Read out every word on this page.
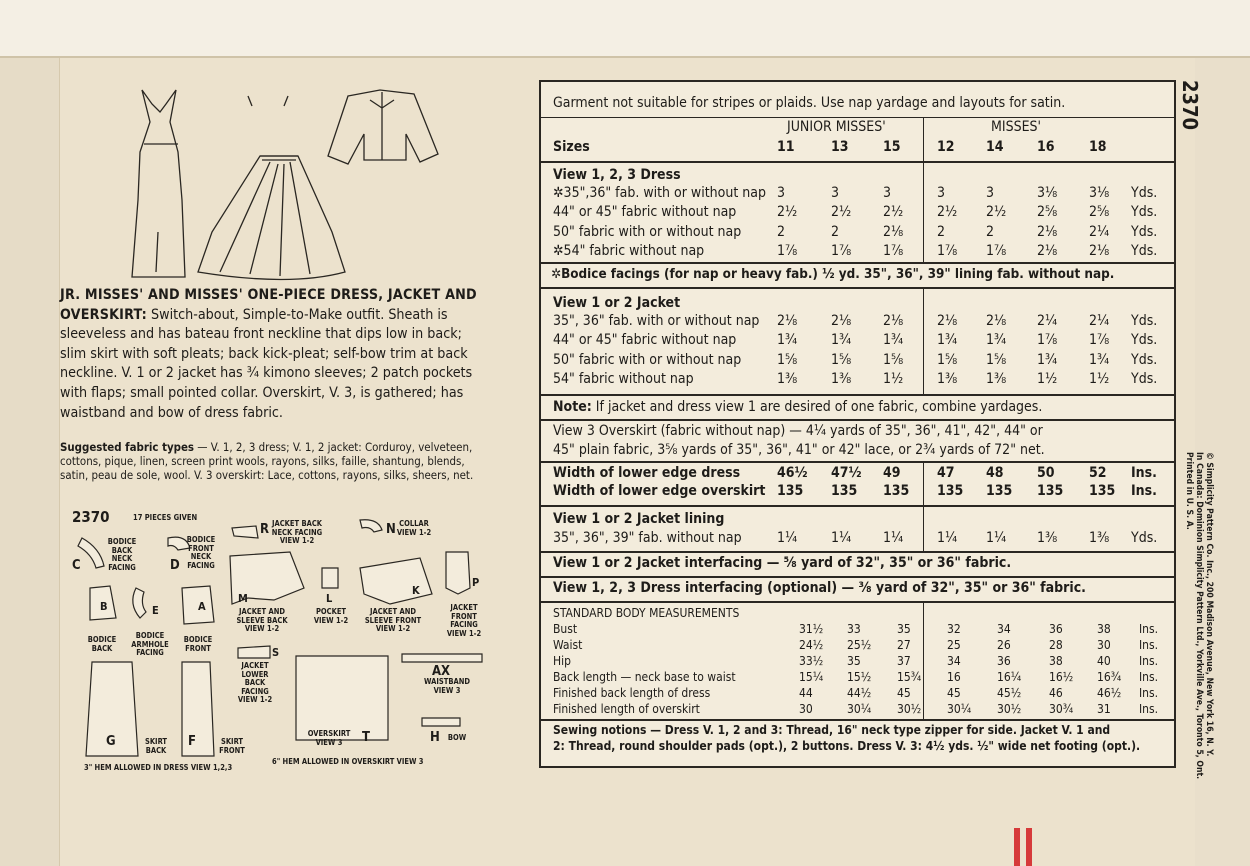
JR. MISSES' AND MISSES' ONE-PIECE DRESS, JACKET AND OVERSKIRT: Switch-about, Simple-to-Make outfit. Sheath is sleeveless and has bateau front neckline that dips low in back; slim skirt with soft pleats; back kick-pleat; self-bow trim at back neckline. V. 1 or 2 jacket has ¾ kimono sleeves; 2 patch pockets with flaps; small pointed collar. Overskirt, V. 3, is gathered; has waistband and bow of dress fabric.
Suggested fabric types — V. 1, 2, 3 dress; V. 1, 2 jacket: Corduroy, velveteen, cottons, pique, linen, screen print wools, rayons, silks, faille, shantung, blends, satin, peau de sole, wool. V. 3 overskirt: Lace, cottons, rayons, silks, sheers, net.
2370	17 PIECES GIVEN
C
BODICE BACK NECK FACING	D
BODICE FRONT NECK FACING
R JACKET BACK NECK FACING VIEW 1-2
N COLLAR VIEW 1-2
B
BODICE BACK
E
BODICE ARMHOLE FACING
A
BODICE FRONT
M
JACKET AND SLEEVE BACK VIEW 1-2
L
POCKET VIEW 1-2
K
JACKET AND SLEEVE FRONT VIEW 1-2
P
JACKET FRONT FACING VIEW 1-2
S
JACKET LOWER BACK FACING VIEW 1-2
AX
WAISTBAND VIEW 3
G	SKIRT BACK
F	SKIRT FRONT
T
OVERSKIRT VIEW 3	H	BOW
3" HEM ALLOWED IN DRESS VIEW 1,2,3
6" HEM ALLOWED IN OVERSKIRT VIEW 3
2370
© Simplicity Pattern Co. Inc., 200 Madison Avenue, New York 16, N. Y.
In Canada: Dominion Simplicity Pattern Ltd., Yorkville Ave., Toronto 5, Ont.
Printed in U. S. A.
Garment not suitable for stripes or plaids. Use nap yardage and layouts for satin.
JUNIOR MISSES'	MISSES'
Sizes	11	13 15	12 14 16 18
View 1, 2, 3 Dress
✲35",36" fab. with or without nap 3	3	3	3	3	3⅛ 3⅛ Yds.
44" or 45" fabric without nap	2½ 2½ 2½ 2½ 2½ 2⅝ 2⅝ Yds.
50" fabric with or without nap	2	2	2⅛ 2	2	2⅛ 2¼ Yds.
✲54" fabric without nap	1⅞ 1⅞ 1⅞ 1⅞ 1⅞ 2⅛ 2⅛ Yds.
✲Bodice facings (for nap or heavy fab.) ½ yd. 35", 36", 39" lining fab. without nap.
View 1 or 2 Jacket
35", 36" fab. with or without nap 2⅛ 2⅛ 2⅛ 2⅛ 2⅛ 2¼ 2¼ Yds.
44" or 45" fabric without nap	1¾ 1¾ 1¾ 1¾ 1¾ 1⅞ 1⅞ Yds.
50" fabric with or without nap	1⅝ 1⅝ 1⅝ 1⅝ 1⅝ 1¾ 1¾ Yds.
54" fabric without nap	1⅜ 1⅜ 1½ 1⅜ 1⅜ 1½ 1½ Yds.
Note: If jacket and dress view 1 are desired of one fabric, combine yardages.
View 3 Overskirt (fabric without nap) — 4¼ yards of 35", 36", 41", 42", 44" or
45" plain fabric, 3⅝ yards of 35", 36", 41" or 42" lace, or 2¾ yards of 72" net.
Width of lower edge dress	46½ 47½ 49	47 48 50 52 Ins.
Width of lower edge overskirt 135 135 135 135 135 135 135 Ins.
View 1 or 2 Jacket lining
35", 36", 39" fab. without nap	1¼ 1¼ 1¼ 1¼ 1¼ 1⅜ 1⅜ Yds.
View 1 or 2 Jacket interfacing — ⅝ yard of 32", 35" or 36" fabric.
View 1, 2, 3 Dress interfacing (optional) — ⅜ yard of 32", 35" or 36" fabric.
STANDARD BODY MEASUREMENTS
Bust	31½ 33	35	32	34	36	38 Ins.
Waist	24½ 25½ 27	25	26	28	30 Ins.
Hip	33½ 35	37	34	36	38	40 Ins.
Back length — neck base to waist	15¼ 15½ 15¾ 16	16¼ 16½ 16¾ Ins.
Finished back length of dress	44	44½ 45	45	45½ 46	46½ Ins.
Finished length of overskirt	30	30¼ 30½ 30¼ 30½ 30¾ 31 Ins.
Sewing notions — Dress V. 1, 2 and 3: Thread, 16" neck type zipper for side. Jacket V. 1 and
2: Thread, round shoulder pads (opt.), 2 buttons. Dress V. 3: 4½ yds. ½" wide net footing (opt.).
